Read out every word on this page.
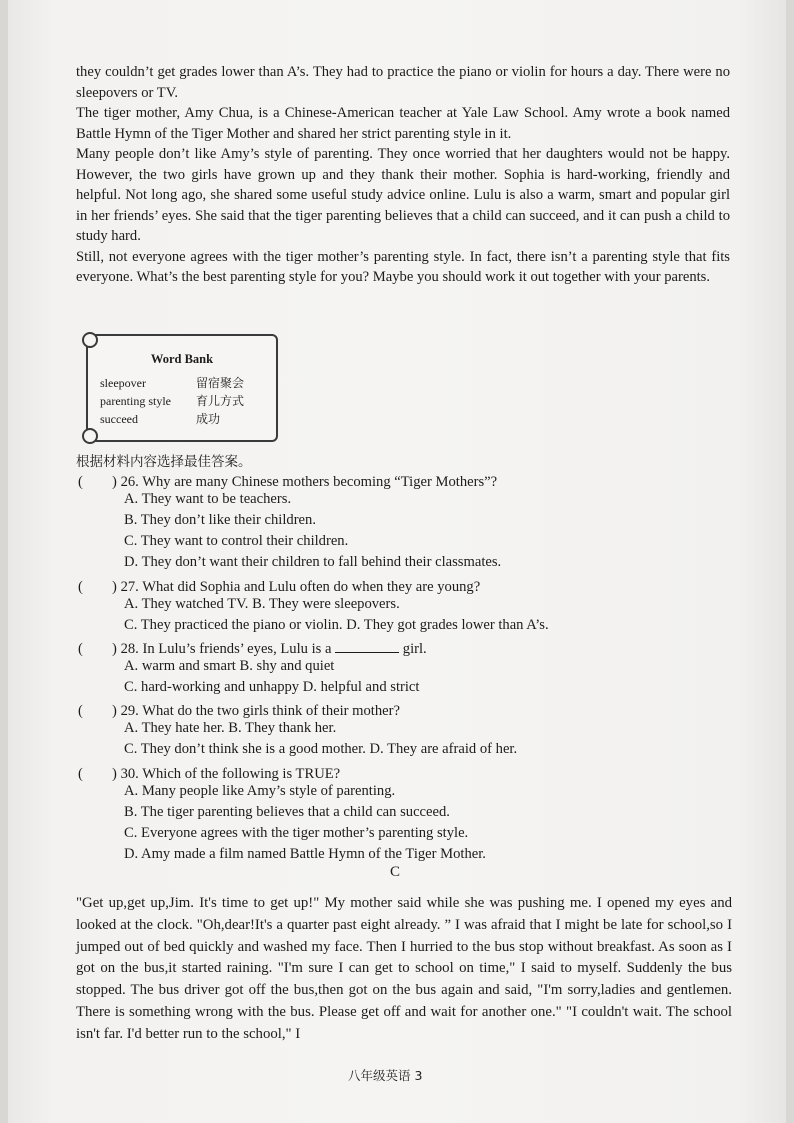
they couldn’t get grades lower than A’s. They had to practice the piano or violin for hours a day. There were no sleepovers or TV.

The tiger mother, Amy Chua, is a Chinese-American teacher at Yale Law School. Amy wrote a book named Battle Hymn of the Tiger Mother and shared her strict parenting style in it.

Many people don’t like Amy’s style of parenting. They once worried that her daughters would not be happy. However, the two girls have grown up and they thank their mother. Sophia is hard-working, friendly and helpful. Not long ago, she shared some useful study advice online. Lulu is also a warm, smart and popular girl in her friends’ eyes. She said that the tiger parenting believes that a child can succeed, and it can push a child to study hard.

Still, not everyone agrees with the tiger mother’s parenting style. In fact, there isn’t a parenting style that fits everyone. What’s the best parenting style for you? Maybe you should work it out together with your parents.

Word Bank
sleepover	留宿聚会
parenting style 育儿方式
succeed	成功
根据材料内容选择最佳答案。
(　　) 26. Why are many Chinese mothers becoming “Tiger Mothers”?
A. They want to be teachers.
B. They don’t like their children.
C. They want to control their children.
D. They don’t want their children to fall behind their classmates.
(　　) 27. What did Sophia and Lulu often do when they are young?
A. They watched TV. B. They were sleepovers.
C. They practiced the piano or violin. D. They got grades lower than A’s.
(　　) 28. In Lulu’s friends’ eyes, Lulu is a	girl.
A. warm and smart B. shy and quiet
C. hard-working and unhappy D. helpful and strict
(　　) 29. What do the two girls think of their mother?
A. They hate her. B. They thank her.
C. They don’t think she is a good mother. D. They are afraid of her.
(　　) 30. Which of the following is TRUE?
A. Many people like Amy’s style of parenting.
B. The tiger parenting believes that a child can succeed.
C. Everyone agrees with the tiger mother’s parenting style.
D. Amy made a film named Battle Hymn of the Tiger Mother.
C

"Get up,get up,Jim. It's time to get up!" My mother said while she was pushing me. I opened my eyes and looked at the clock. "Oh,dear!It's a quarter past eight already. ” I was afraid that I might be late for school,so I jumped out of bed quickly and washed my face. Then I hurried to the bus stop without breakfast. As soon as I got on the bus,it started raining. "I'm sure I can get to school on time," I said to myself. Suddenly the bus stopped. The bus driver got off the bus,then got on the bus again and said, "I'm sorry,ladies and gentlemen. There is something wrong with the bus. Please get off and wait for another one." "I couldn't wait. The school isn't far. I'd better run to the school," I

八年级英语 3
